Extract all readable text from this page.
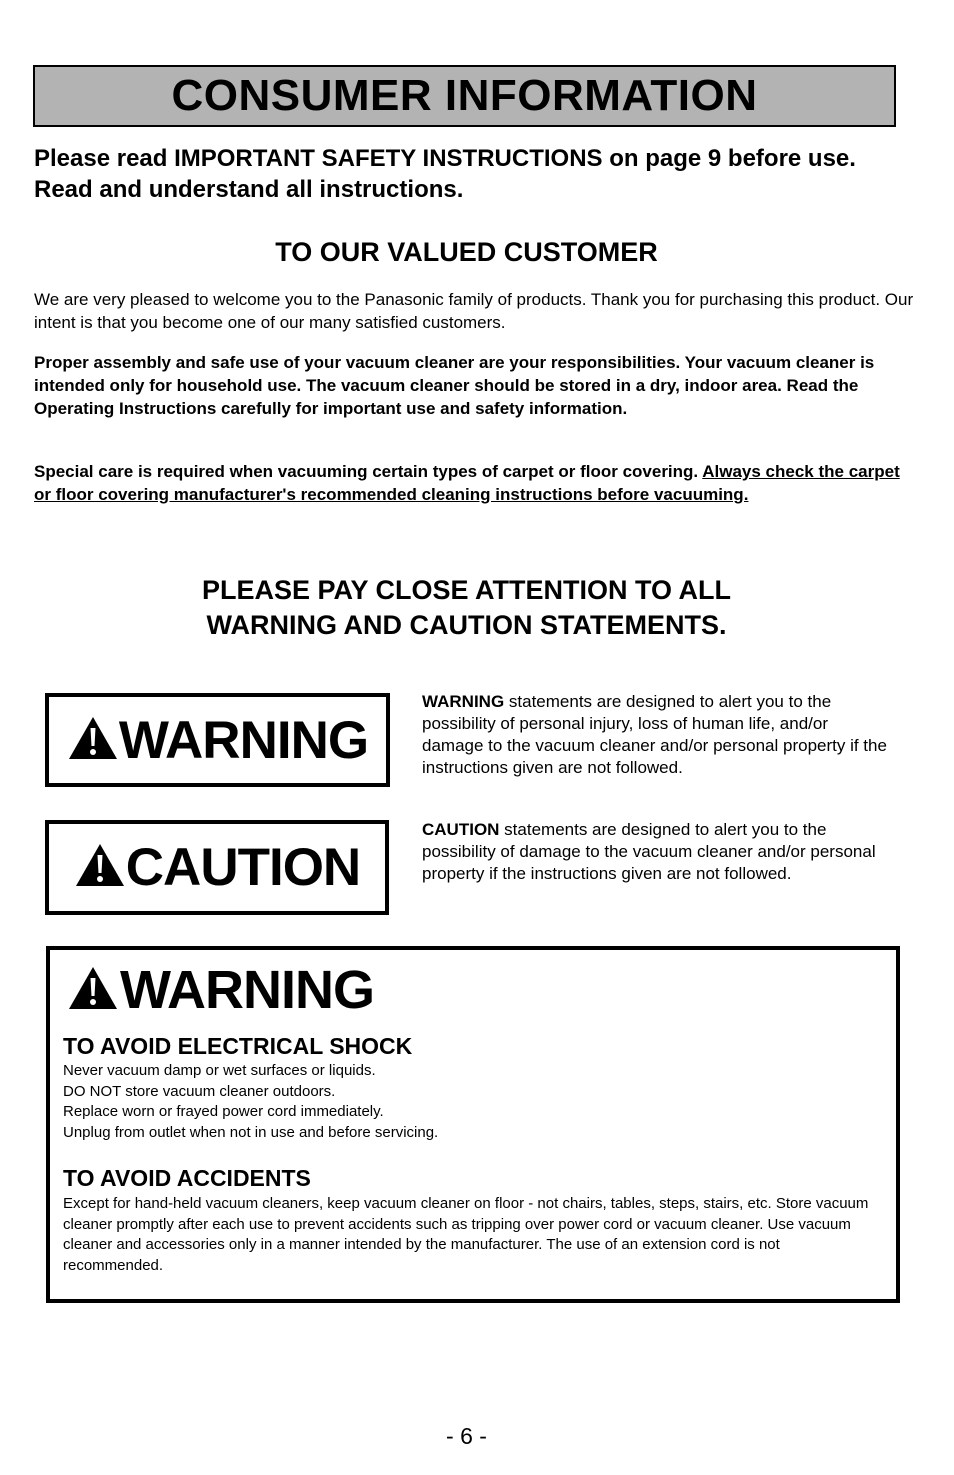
CONSUMER INFORMATION
Please read IMPORTANT SAFETY INSTRUCTIONS on page 9 before use. Read and understand all instructions.
TO OUR VALUED CUSTOMER
We are very pleased to welcome you to the Panasonic family of products. Thank you for purchasing this product. Our intent is that you become one of our many satisfied customers.
Proper assembly and safe use of your vacuum cleaner are your responsibilities. Your vacuum cleaner is intended only for household use. The vacuum cleaner should be stored in a dry, indoor area. Read the Operating Instructions carefully for important use and safety information.
Special care is required when vacuuming certain types of carpet or floor covering. Always check the carpet or floor covering manufacturer's recommended cleaning instructions before vacuuming.
PLEASE PAY CLOSE ATTENTION TO ALL
WARNING AND CAUTION STATEMENTS.
WARNING
WARNING statements are designed to alert you to the possibility of personal injury, loss of human life, and/or damage to the vacuum cleaner and/or personal property if the instructions given are not followed.
CAUTION
CAUTION statements are designed to alert you to the possibility of damage to the vacuum cleaner and/or personal property if the instructions given are not followed.
WARNING
TO AVOID ELECTRICAL SHOCK
Never vacuum damp or wet surfaces or liquids.
DO NOT store vacuum cleaner outdoors.
Replace worn or frayed power cord immediately.
Unplug from outlet when not in use and before servicing.
TO AVOID ACCIDENTS
Except for hand-held vacuum cleaners, keep vacuum cleaner on floor - not chairs, tables, steps, stairs, etc. Store vacuum cleaner promptly after each use to prevent accidents such as tripping over power cord or vacuum cleaner. Use vacuum cleaner and accessories only in a manner intended by the manufacturer. The use of an extension cord is not recommended.
- 6 -
